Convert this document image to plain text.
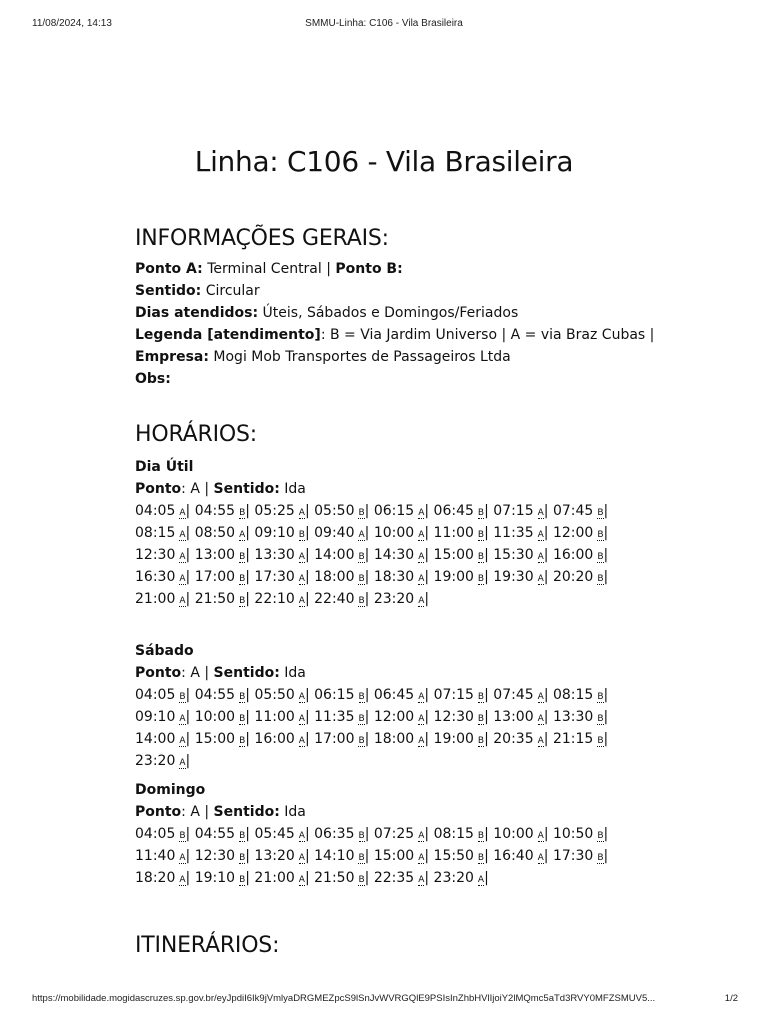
11/08/2024, 14:13	SMMU-Linha: C106 - Vila Brasileira
Linha: C106 - Vila Brasileira
INFORMAÇÕES GERAIS:
Ponto A: Terminal Central | Ponto B:
Sentido: Circular
Dias atendidos: Úteis, Sábados e Domingos/Feriados
Legenda [atendimento]: B = Via Jardim Universo | A = via Braz Cubas |
Empresa: Mogi Mob Transportes de Passageiros Ltda
Obs:
HORÁRIOS:
Dia Útil
Ponto: A | Sentido: Ida
04:05 A| 04:55 B| 05:25 A| 05:50 B| 06:15 A| 06:45 B| 07:15 A| 07:45 B| 08:15 A| 08:50 A| 09:10 B| 09:40 A| 10:00 A| 11:00 B| 11:35 A| 12:00 B| 12:30 A| 13:00 B| 13:30 A| 14:00 B| 14:30 A| 15:00 B| 15:30 A| 16:00 B| 16:30 A| 17:00 B| 17:30 A| 18:00 B| 18:30 A| 19:00 B| 19:30 A| 20:20 B| 21:00 A| 21:50 B| 22:10 A| 22:40 B| 23:20 A|
Sábado
Ponto: A | Sentido: Ida
04:05 B| 04:55 B| 05:50 A| 06:15 B| 06:45 A| 07:15 B| 07:45 A| 08:15 B| 09:10 A| 10:00 B| 11:00 A| 11:35 B| 12:00 A| 12:30 B| 13:00 A| 13:30 B| 14:00 A| 15:00 B| 16:00 A| 17:00 B| 18:00 A| 19:00 B| 20:35 A| 21:15 B| 23:20 A|
Domingo
Ponto: A | Sentido: Ida
04:05 B| 04:55 B| 05:45 A| 06:35 B| 07:25 A| 08:15 B| 10:00 A| 10:50 B| 11:40 A| 12:30 B| 13:20 A| 14:10 B| 15:00 A| 15:50 B| 16:40 A| 17:30 B| 18:20 A| 19:10 B| 21:00 A| 21:50 B| 22:35 A| 23:20 A|
ITINERÁRIOS:
https://mobilidade.mogidascruzes.sp.gov.br/eyJpdiI6Ik9jVmlyaDRGMEZpcS9lSnJvWVRGQlE9PSIsInZhbHVlIjoiY2lMQmc5aTd3RVY0MFZSMUV5...	1/2
